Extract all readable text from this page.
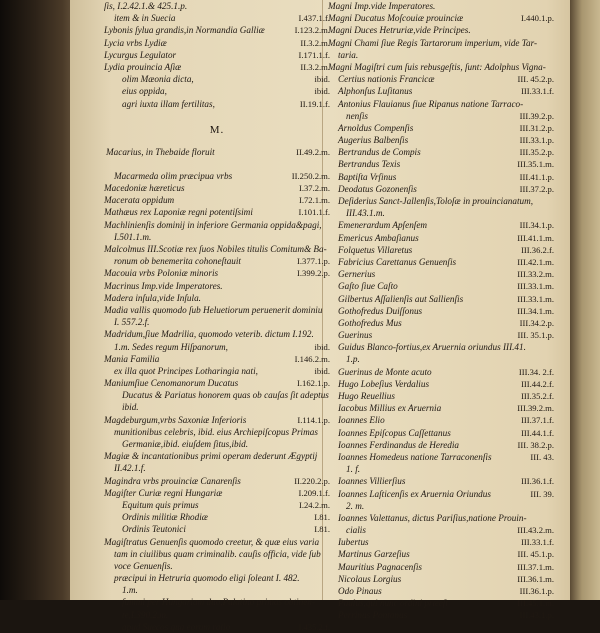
ſis, I.2.42.1.& 425.1.p.
item & in Suecia	I.437.1.f.
Lybonis ſylua grandis,in Normandia Galliæ	I.123.2.m.
Lycia vrbs Lydiæ	II.3.2.m.
Lycurgus Legulator	I.171.1.f.
Lydia prouincia Aſiæ	II.3.2.m.
olim Mæonia dicta,	ibid.
eius oppida,	ibid.
agri iuxta illam fertilitas,	II.19.1.f.
M.
Macarius, in Thebaide floruit	II.49.2.m.
Macarmeda olim præcipua vrbs	II.250.2.m.
Macedoniæ hæreticus	I.37.2.m.
Macerata oppidum	I.72.1.m.
Mathæus rex Laponiæ regni potentiſsimi	I.101.1.f.
Machlinienſis dominij in inferiore Germania oppida&pagi,
I.501.1.m.
Malcolmus III.Scotiæ rex ſuos Nobiles titulis Comitum& Ba-
ronum ob benemerita cohoneſtauit	I.377.1.p.
Macouia vrbs Poloniæ minoris	I.399.2.p.
Macrinus Imp.vide Imperatores.
Madera inſula,vide Inſula.
Madia vallis quomodo ſub Heluetiorum peruenerit dominiu
I. 557.2.f.
Madridum,ſiue Madrilia, quomodo veterib. dictum I.192.
1.m. Sedes regum Hiſpanorum,	ibid.
Mania Familia	I.146.2.m.
ex illa quot Principes Lotharingia nati,	ibid.
Maniumſiue Cenomanorum Ducatus	I.162.1.p.
Ducatus & Pariatus honorem quas ob cauſas ſit adeptus
ibid.
Magdeburgum,vrbs Saxoniæ Inferioris	I.114.1.p.
munitionibus celebris, ibid. eius Archiepiſcopus Primas
Germaniæ,ibid. eiuſdem ſitus,ibid.
Magiæ & incantationibus primi operam dederunt Ægyptij
II.42.1.f.
Magindra vrbs prouinciæ Canarenſis	II.220.2.p.
Magiſter Curiæ regni Hungariæ	I.209.1.f.
Equitum quis primus	I.24.2.m.
Ordinis militiæ Rhodiæ	I.81.
Ordinis Teutonici	I.81.
Magiſtratus Genuenſis quomodo creetur, & quæ eius varia
tam in ciuilibus quam criminalib. cauſis officia, vide ſub
voce Genuenſis.
præcipui in Hetruria quomodo eligi ſoleant I. 482.
1.m.
ſummi per Hungariam duo,Palatino primas obtinen-
te,I.390.2.m.
apud Suecos qua eorum ratio	I.435.2.f.
Magni Imp.vide Imperatores.
Magni Ducatus Moſcouiæ prouinciæ	I.440.1.p.
Magni Duces Hetruriæ,vide Principes.
Magni Chami ſiue Regis Tartarorum imperium, vide Tar-
taria.
Magni Magiſtri cum ſuis rebusgeſtis, ſunt: Adolphus Vigna-
Certius nationis Francicæ	III. 45.2.p.
Alphonſus Luſitanus	III.33.1.f.
Antonius Flauianus ſiue Ripanus natione Tarraco-
nenſis	III.39.2.p.
Arnoldus Compenſis	III.31.2.p.
Augerius Balbenſis	III.33.1.p.
Bertrandus de Compis	III.35.2.p.
Bertrandus Texis	III.35.1.m.
Baptiſta Vrſinus	III.41.1.p.
Deodatus Gozonenſis	III.37.2.p.
Deſiderius Sanct-Jallenſis,Toloſæ in prouincianatum,
III.43.1.m.
Emenerardum Apſenſem	III.34.1.p.
Emericus Ambaſianus	III.41.1.m.
Folquetus Villaretus	III.36.2.f.
Fabricius Carettanus Genuenſis	III.42.1.m.
Gernerius	III.33.2.m.
Gaſto ſiue Caſto	III.33.1.m.
Gilbertus Aſſalienſis aut Sallienſis	III.33.1.m.
Gothofredus Duiſſonus	III.34.1.m.
Gothofredus Mus	III.34.2.p.
Guerinus	III. 35.1.p.
Guidus Blanco-fortius,ex Aruernia oriundus III.41.
1.p.
Guerinus de Monte acuto	III.34. 2.f.
Hugo Lobeſius Verdalius	III.44.2.f.
Hugo Reuellius	III.35.2.f.
Iacobus Millius ex Aruernia	III.39.2.m.
Ioannes Elio	III.37.1.f.
Ioannes Epiſcopus Caſſettanus	III.44.1.f.
Ioannes Ferdinandus de Heredia	III. 38.2.p.
Ioannes Homedeus natione Tarraconenſis	III. 43.
1. f.
Ioannes Villierſius	III.36.1.f.
Ioannes Laſticenſis ex Aruernia Oriundus	III. 39.
2. m.
Ioannes Valettanus, dictus Pariſius,natione Prouin-
cialis	III.43.2.m.
Iubertus	III.33.1.f.
Martinus Garzeſius	III. 45.1.p.
Mauritius Pagnacenſis	III.37.1.m.
Nicolaus Lorgius	III.36.1.m.
Odo Pinaus	III.36.1.p.
Paulus,qui nunc ordini præeſt	III.45.1.m.
Perrinus Pontanus	III.43.1.p.
